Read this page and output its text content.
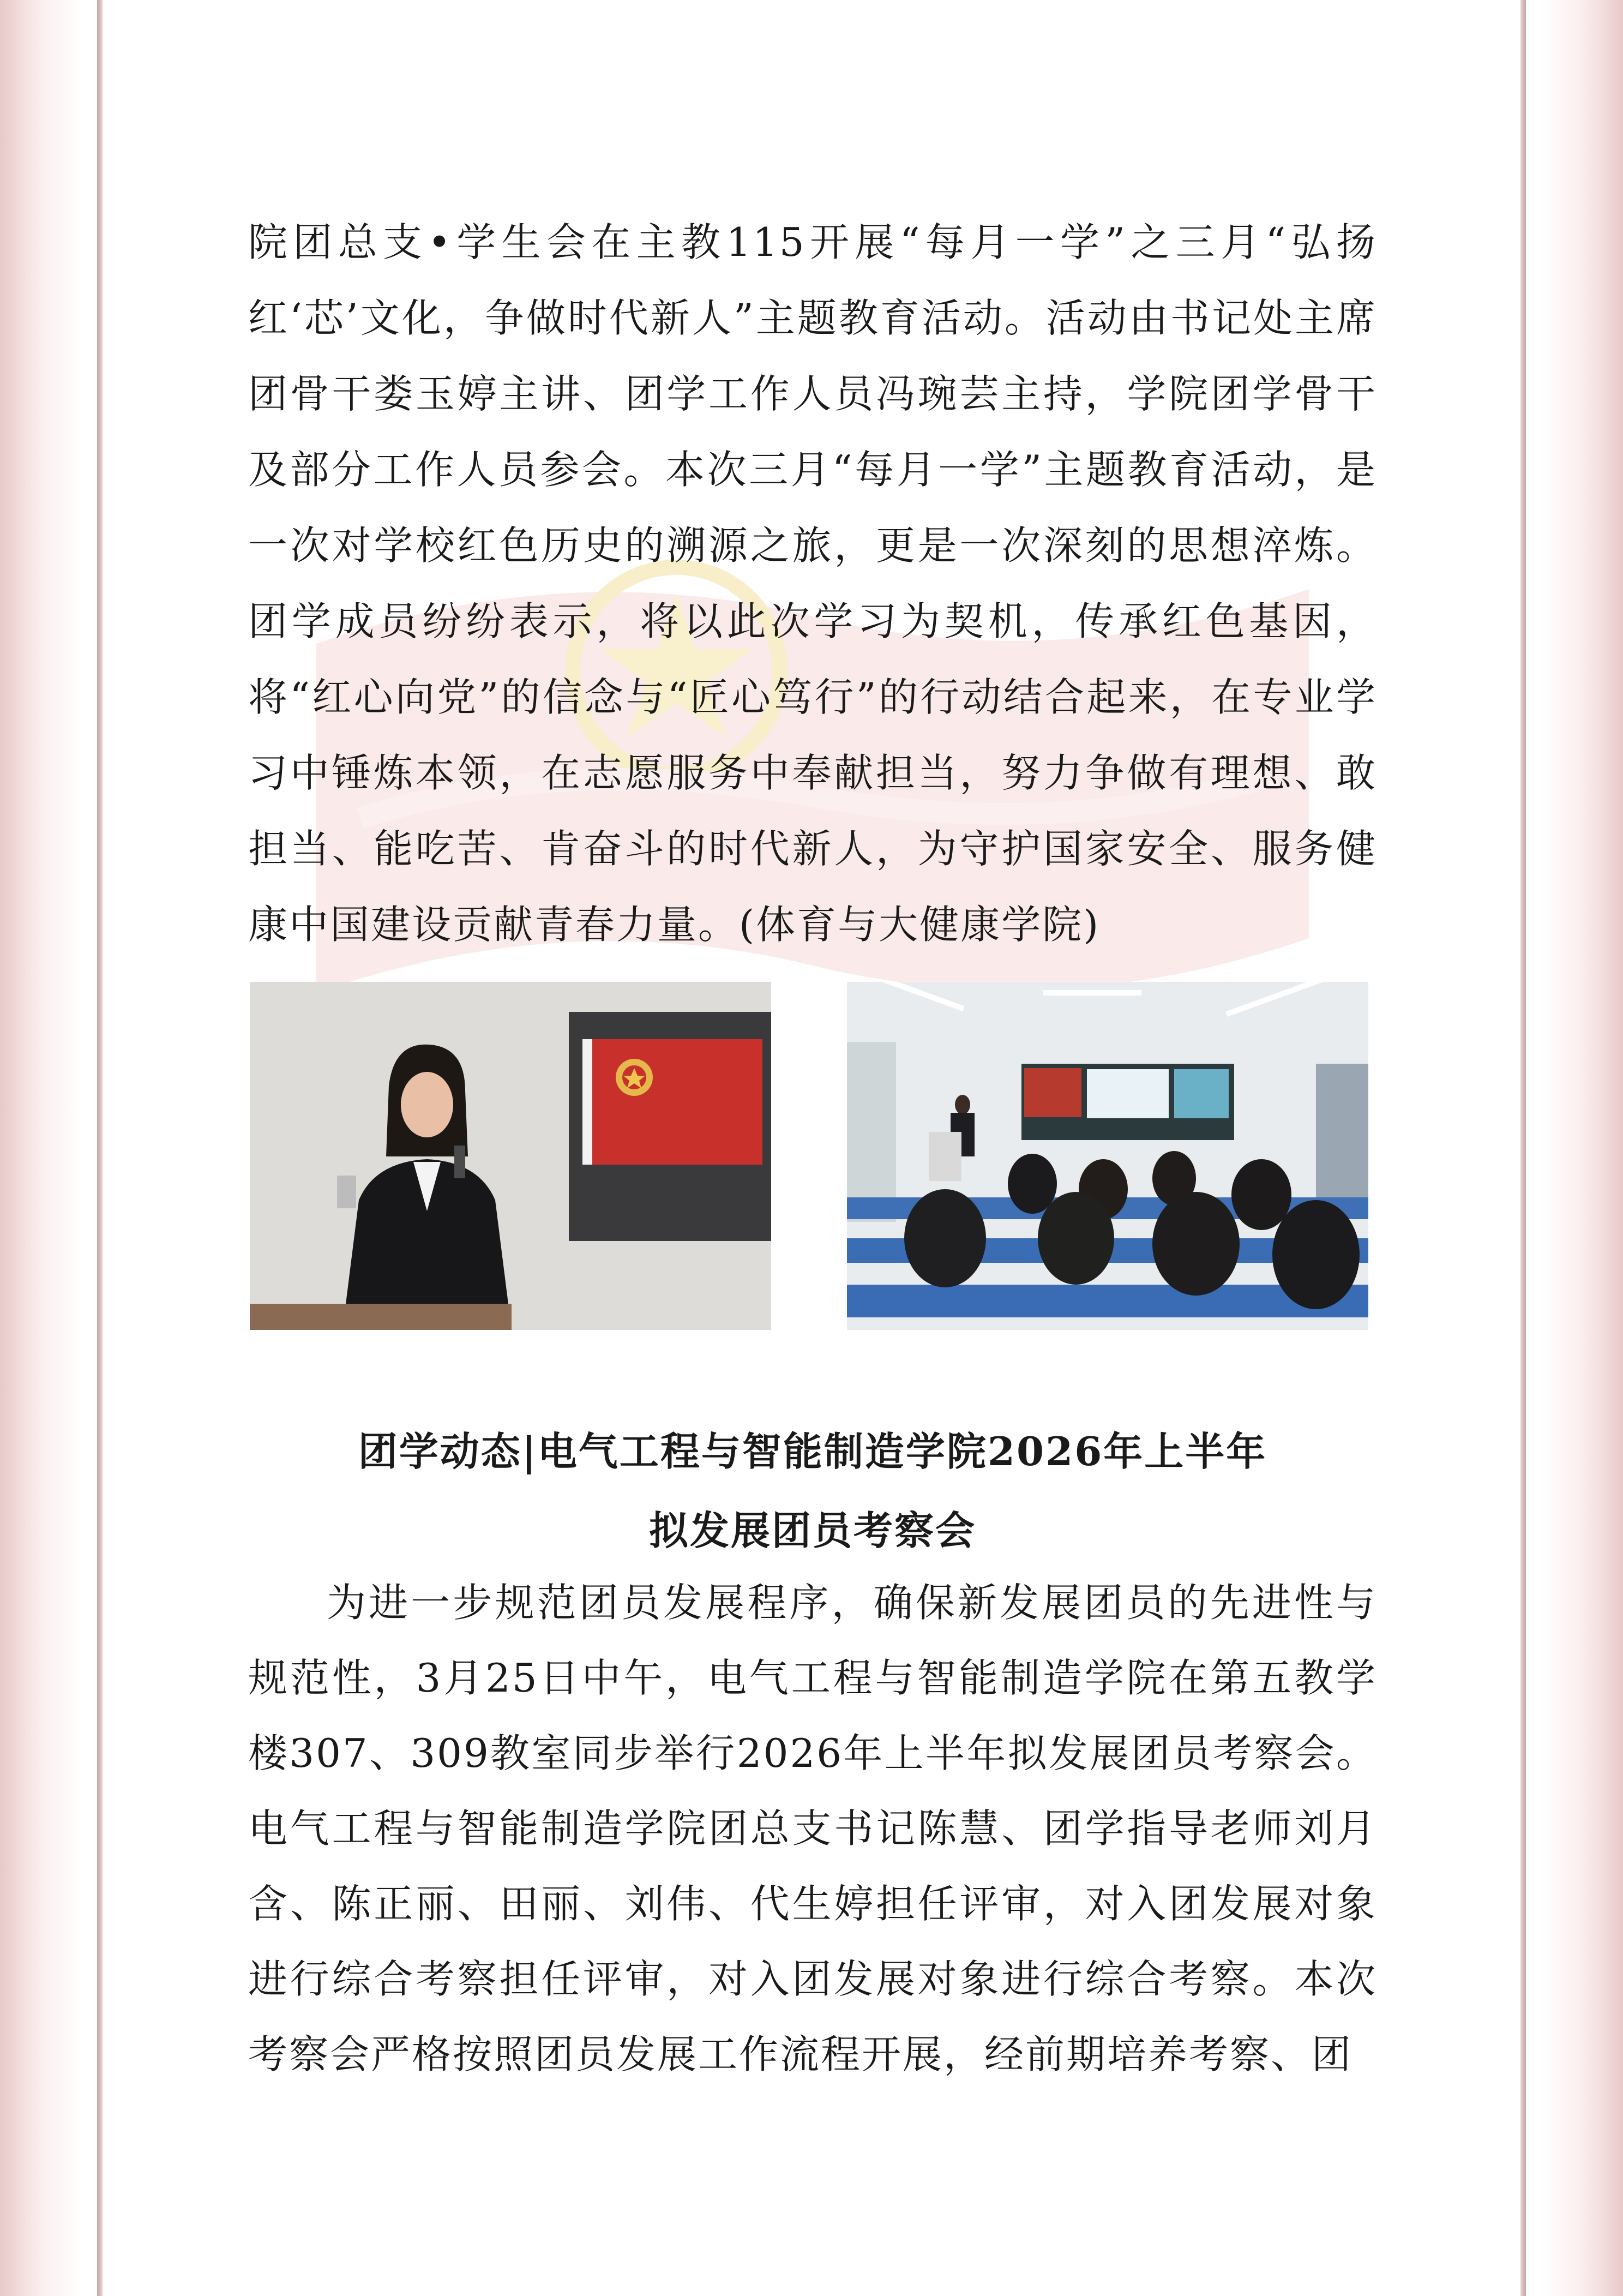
院团总支•学生会在主教115开展“每月一学”之三月“弘扬红‘芯’文化，争做时代新人”主题教育活动。活动由书记处主席团骨干娄玉婷主讲、团学工作人员冯琬芸主持，学院团学骨干及部分工作人员参会。本次三月“每月一学”主题教育活动，是一次对学校红色历史的溯源之旅，更是一次深刻的思想淬炼。团学成员纷纷表示，将以此次学习为契机，传承红色基因，将“红心向党”的信念与“匠心笃行”的行动结合起来，在专业学习中锤炼本领，在志愿服务中奉献担当，努力争做有理想、敢担当、能吃苦、肯奋斗的时代新人，为守护国家安全、服务健康中国建设贡献青春力量。(体育与大健康学院)

团学动态|电气工程与智能制造学院2026年上半年
拟发展团员考察会

为进一步规范团员发展程序，确保新发展团员的先进性与规范性，3月25日中午，电气工程与智能制造学院在第五教学楼307、309教室同步举行2026年上半年拟发展团员考察会。电气工程与智能制造学院团总支书记陈慧、团学指导老师刘月含、陈正丽、田丽、刘伟、代生婷担任评审，对入团发展对象进行综合考察担任评审，对入团发展对象进行综合考察。本次考察会严格按照团员发展工作流程开展，经前期培养考察、团
